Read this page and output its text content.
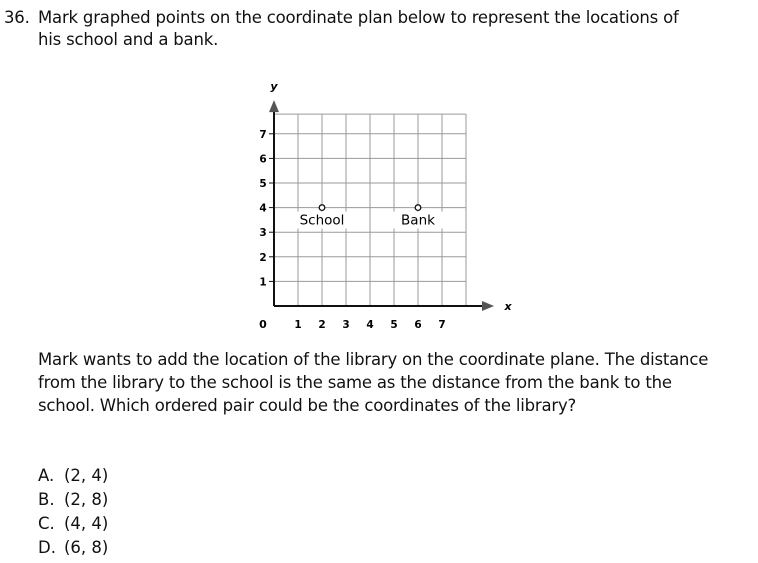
36. Mark graphed points on the coordinate plan below to represent the locations of
his school and a bank.
x
y
0	1 2 3 4 5 6 7
1
2
3
4
5
6
7
School	Bank
Mark wants to add the location of the library on the coordinate plane. The distance
from the library to the school is the same as the distance from the bank to the
school. Which ordered pair could be the coordinates of the library?
A. (2, 4)
B. (2, 8)
C. (4, 4)
D. (6, 8)
